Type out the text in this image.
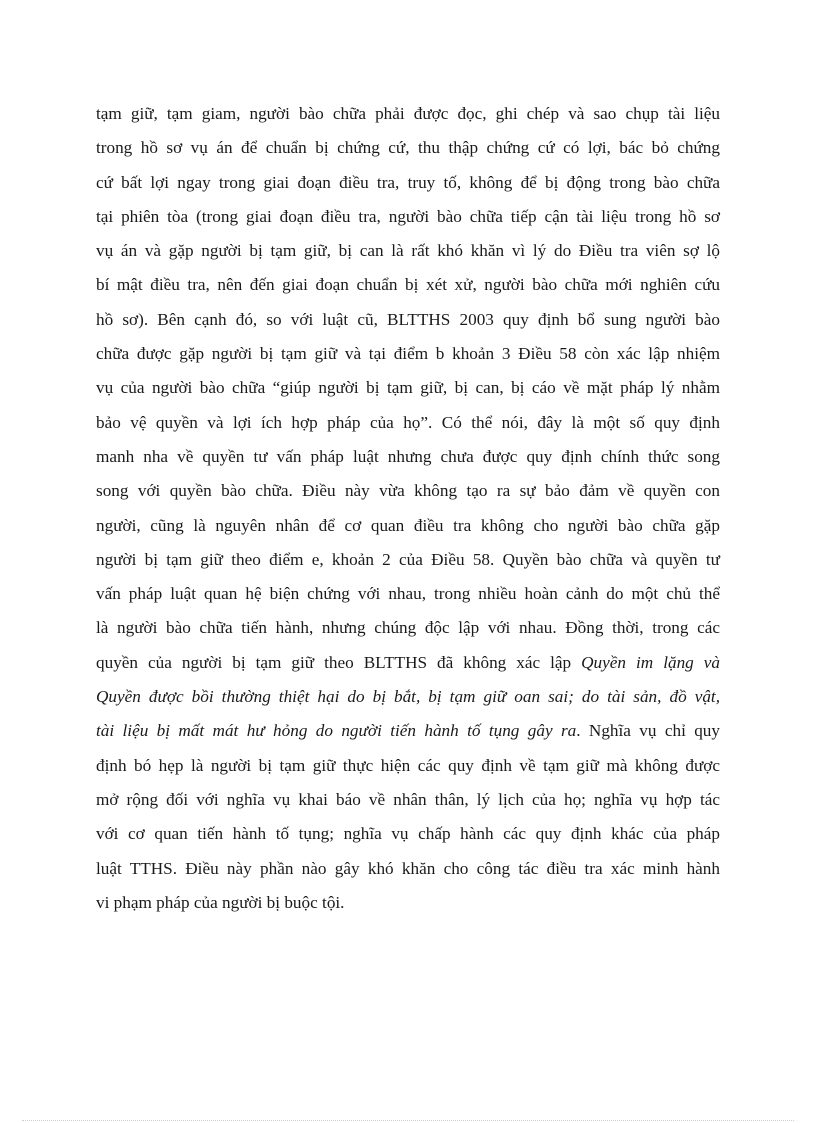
tạm giữ, tạm giam, người bào chữa phải được đọc, ghi chép và sao chụp tài liệu
trong hồ sơ vụ án để chuẩn bị chứng cứ, thu thập chứng cứ có lợi, bác bỏ chứng
cứ bất lợi ngay trong giai đoạn điều tra, truy tố, không để bị động trong bào chữa
tại phiên tòa (trong giai đoạn điều tra, người bào chữa tiếp cận tài liệu trong hồ sơ
vụ án và gặp người bị tạm giữ, bị can là rất khó khăn vì lý do Điều tra viên sợ lộ
bí mật điều tra, nên đến giai đoạn chuẩn bị xét xử, người bào chữa mới nghiên cứu
hồ sơ). Bên cạnh đó, so với luật cũ, BLTTHS 2003 quy định bổ sung người bào
chữa được gặp người bị tạm giữ và tại điểm b khoản 3 Điều 58 còn xác lập nhiệm
vụ của người bào chữa “giúp người bị tạm giữ, bị can, bị cáo về mặt pháp lý nhằm
bảo vệ quyền và lợi ích hợp pháp của họ”. Có thể nói, đây là một số quy định
manh nha về quyền tư vấn pháp luật nhưng chưa được quy định chính thức song
song với quyền bào chữa. Điều này vừa không tạo ra sự bảo đảm về quyền con
người, cũng là nguyên nhân để cơ quan điều tra không cho người bào chữa gặp
người bị tạm giữ theo điểm e, khoản 2 của Điều 58. Quyền bào chữa và quyền tư
vấn pháp luật quan hệ biện chứng với nhau, trong nhiều hoàn cảnh do một chủ thể
là người bào chữa tiến hành, nhưng chúng độc lập với nhau. Đồng thời, trong các
quyền của người bị tạm giữ theo BLTTHS đã không xác lập Quyền im lặng và
Quyền được bồi thường thiệt hại do bị bắt, bị tạm giữ oan sai; do tài sản, đồ vật,
tài liệu bị mất mát hư hỏng do người tiến hành tố tụng gây ra. Nghĩa vụ chỉ quy
định bó hẹp là người bị tạm giữ thực hiện các quy định về tạm giữ mà không được
mở rộng đối với nghĩa vụ khai báo về nhân thân, lý lịch của họ; nghĩa vụ hợp tác
với cơ quan tiến hành tố tụng; nghĩa vụ chấp hành các quy định khác của pháp
luật TTHS. Điều này phần nào gây khó khăn cho công tác điều tra xác minh hành
vi phạm pháp của người bị buộc tội.
